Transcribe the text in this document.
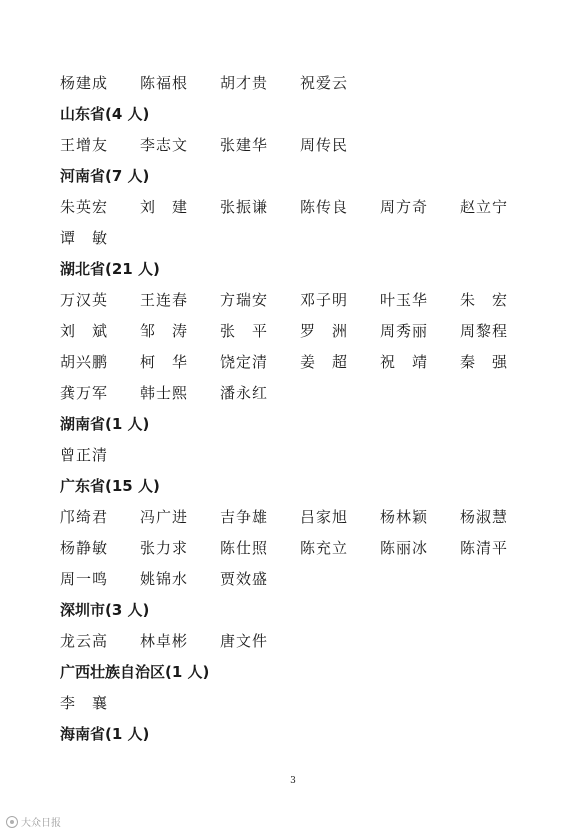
杨建成	陈福根	胡才贵	祝爱云
山东省(4 人)
王增友	李志文	张建华	周传民
河南省(7 人)
朱英宏	刘　建	张振谦	陈传良	周方奇	赵立宁
谭　敏
湖北省(21 人)
万汉英	王连春	方瑞安	邓子明	叶玉华	朱　宏
刘　斌	邹　涛	张　平	罗　洲	周秀丽	周黎程
胡兴鹏	柯　华	饶定清	姜　超	祝　靖	秦　强
龚万军	韩士熙	潘永红
湖南省(1 人)
曾正清
广东省(15 人)
邝绮君	冯广进	吉争雄	吕家旭	杨林颖	杨淑慧
杨静敏	张力求	陈仕照	陈充立	陈丽冰	陈清平
周一鸣	姚锦水	贾效盛
深圳市(3 人)
龙云高	林卓彬	唐文件
广西壮族自治区(1 人)
李　襄
海南省(1 人)
3
大众日报
